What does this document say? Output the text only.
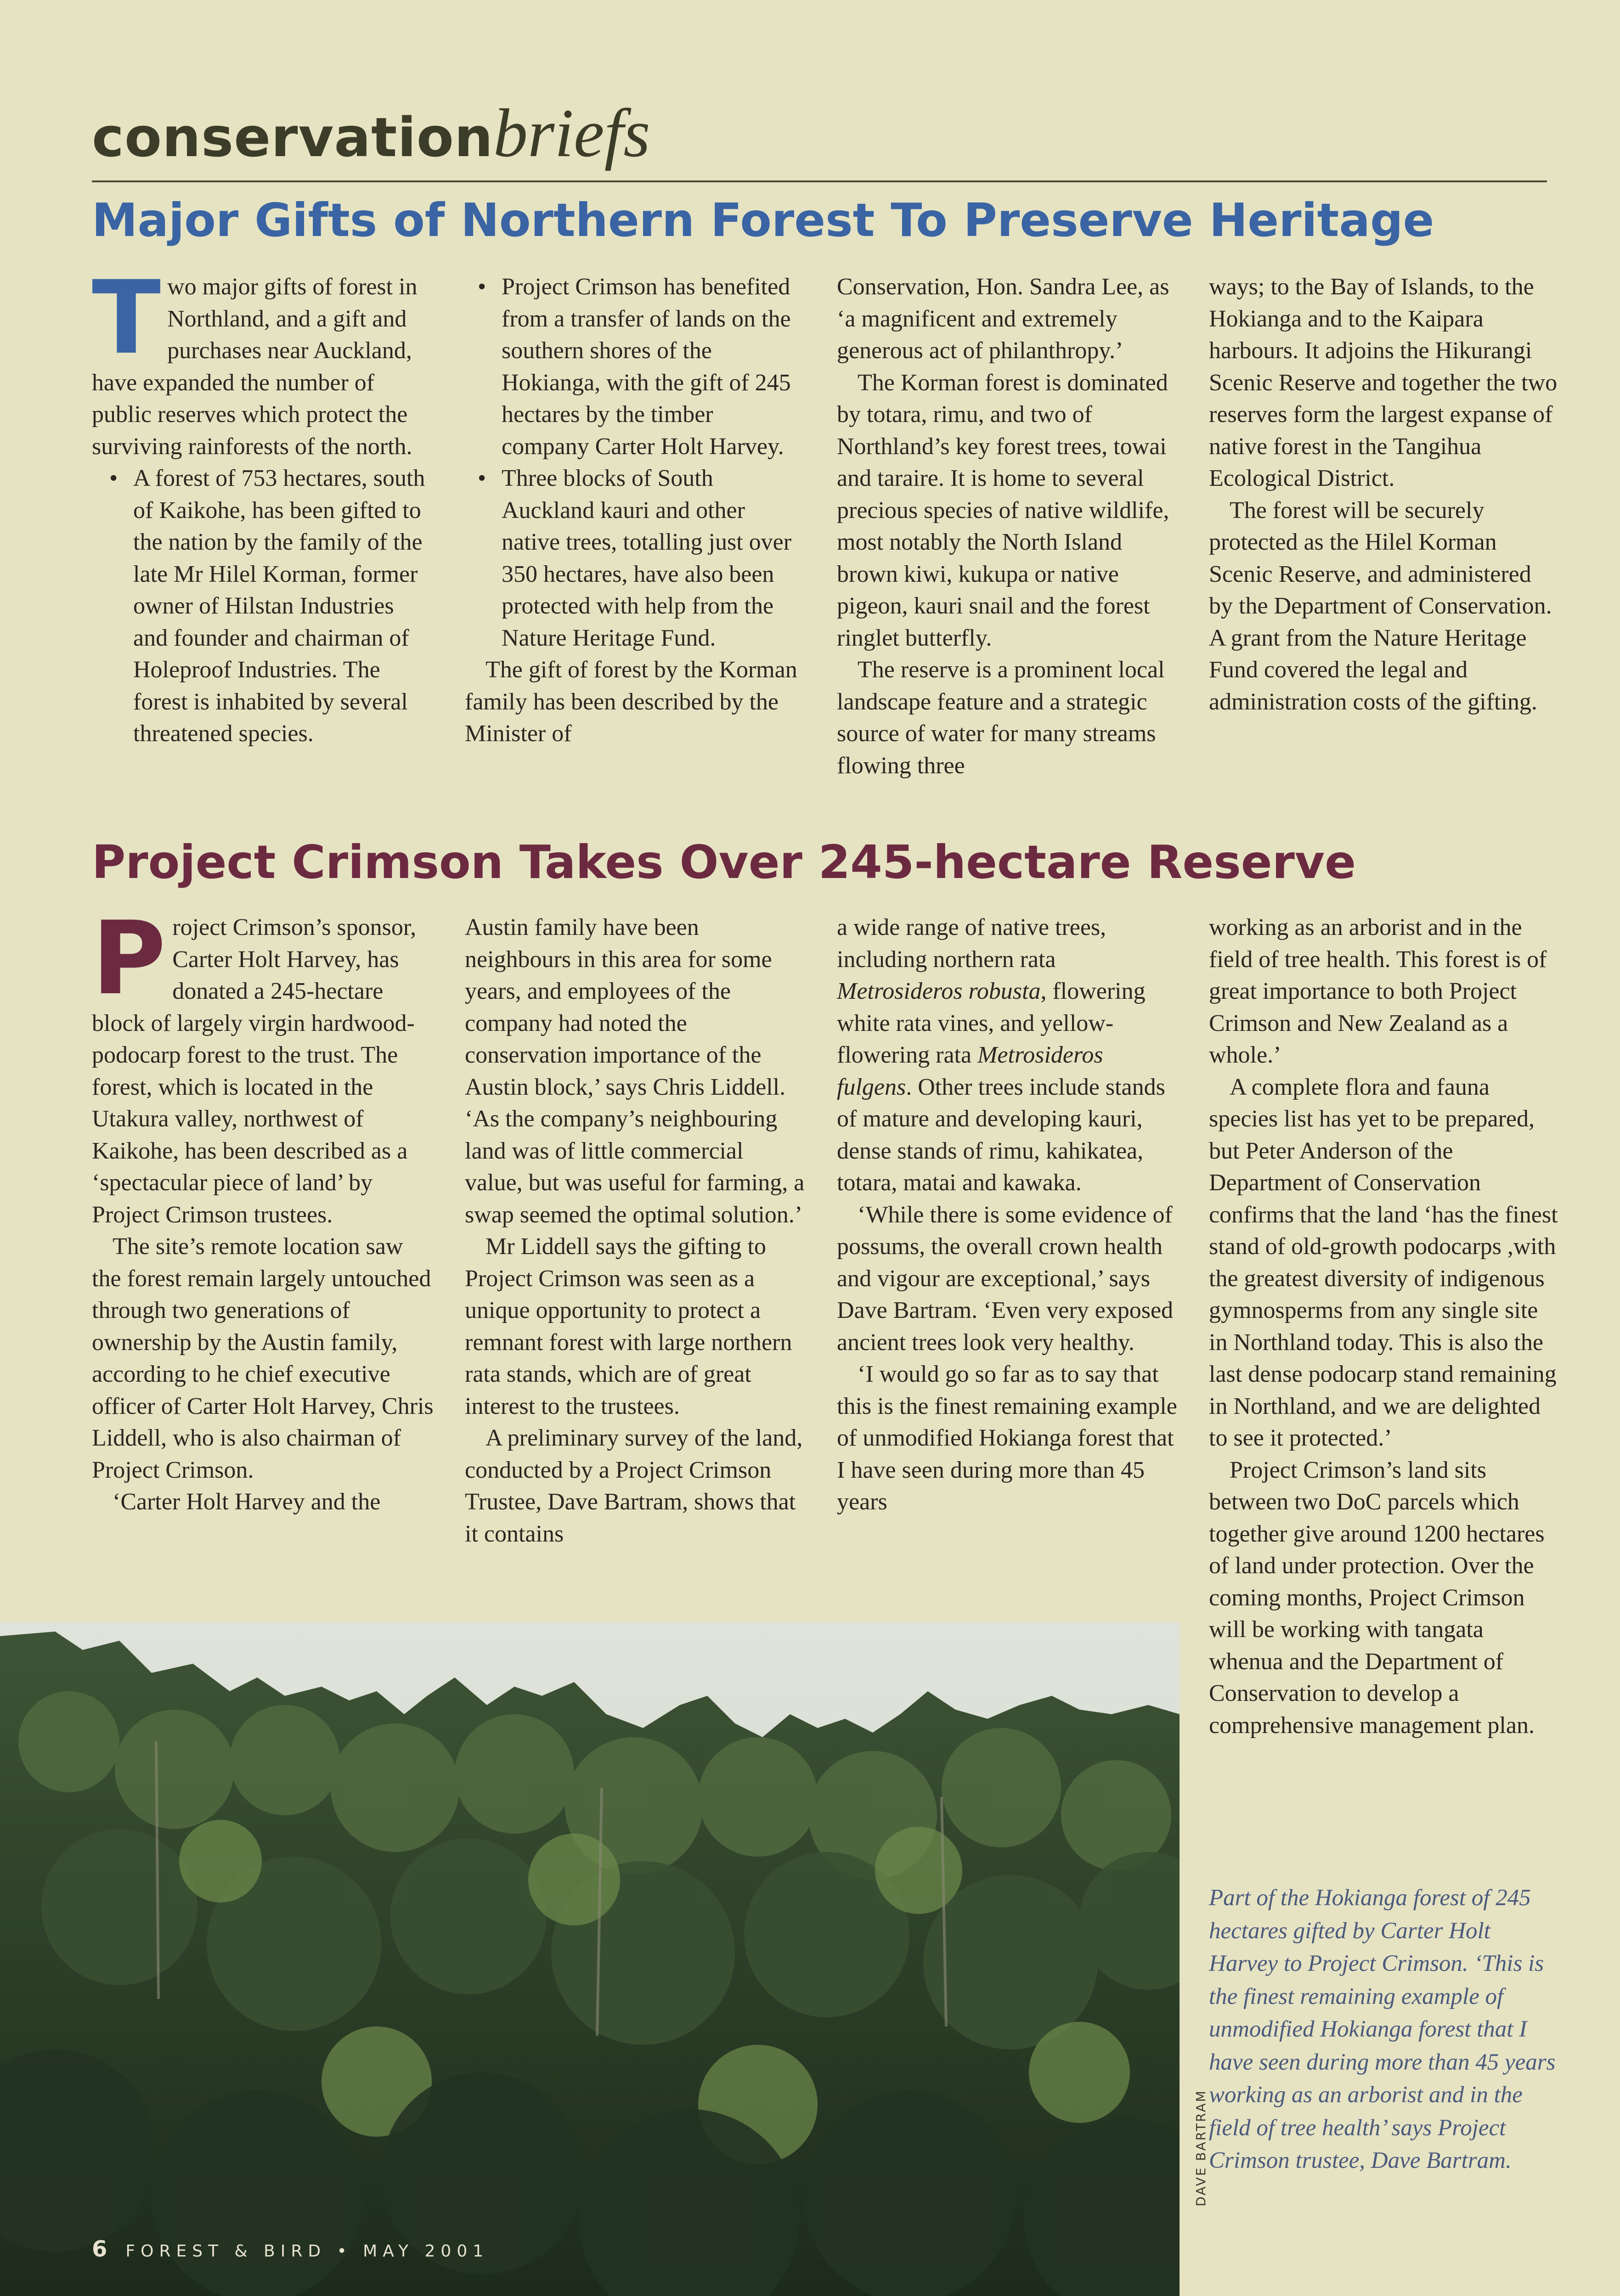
conservationbriefs
Major Gifts of Northern Forest To Preserve Heritage

Two major gifts of forest in Northland, and a gift and purchases near Auckland, have expanded the number of public reserves which protect the surviving rainforests of the north.

• A forest of 753 hectares, south of Kaikohe, has been gifted to the nation by the family of the late Mr Hilel Korman, former owner of Hilstan Industries and founder and chairman of Holeproof Industries. The forest is inhabited by several threatened species.
• Project Crimson has benefited from a transfer of lands on the southern shores of the Hokianga, with the gift of 245 hectares by the timber company Carter Holt Harvey.
• Three blocks of South Auckland kauri and other native trees, totalling just over 350 hectares, have also been protected with help from the Nature Heritage Fund.

The gift of forest by the Korman family has been described by the Minister of

Conservation, Hon. Sandra Lee, as ‘a magnificent and extremely generous act of philanthropy.’

The Korman forest is dominated by totara, rimu, and two of Northland’s key forest trees, towai and taraire. It is home to several precious species of native wildlife, most notably the North Island brown kiwi, kukupa or native pigeon, kauri snail and the forest ringlet butterfly.

The reserve is a prominent local landscape feature and a strategic source of water for many streams flowing three

ways; to the Bay of Islands, to the Hokianga and to the Kaipara harbours. It adjoins the Hikurangi Scenic Reserve and together the two reserves form the largest expanse of native forest in the Tangihua Ecological District.

The forest will be securely protected as the Hilel Korman Scenic Reserve, and administered by the Department of Conservation. A grant from the Nature Heritage Fund covered the legal and administration costs of the gifting.

Project Crimson Takes Over 245-hectare Reserve

Project Crimson’s sponsor, Carter Holt Harvey, has donated a 245-hectare block of largely virgin hardwood-podocarp forest to the trust. The forest, which is located in the Utakura valley, northwest of Kaikohe, has been described as a ‘spectacular piece of land’ by Project Crimson trustees.

The site’s remote location saw the forest remain largely untouched through two generations of ownership by the Austin family, according to he chief executive officer of Carter Holt Harvey, Chris Liddell, who is also chairman of Project Crimson.

‘Carter Holt Harvey and the

Austin family have been neighbours in this area for some years, and employees of the company had noted the conservation importance of the Austin block,’ says Chris Liddell. ‘As the company’s neighbouring land was of little commercial value, but was useful for farming, a swap seemed the optimal solution.’

Mr Liddell says the gifting to Project Crimson was seen as a unique opportunity to protect a remnant forest with large northern rata stands, which are of great interest to the trustees.

A preliminary survey of the land, conducted by a Project Crimson Trustee, Dave Bartram, shows that it contains

a wide range of native trees, including northern rata Metrosideros robusta, flowering white rata vines, and yellow-flowering rata Metrosideros fulgens. Other trees include stands of mature and developing kauri, dense stands of rimu, kahikatea, totara, matai and kawaka.

‘While there is some evidence of possums, the overall crown health and vigour are exceptional,’ says Dave Bartram. ‘Even very exposed ancient trees look very healthy.

‘I would go so far as to say that this is the finest remaining example of unmodified Hokianga forest that I have seen during more than 45 years

working as an arborist and in the field of tree health. This forest is of great importance to both Project Crimson and New Zealand as a whole.’

A complete flora and fauna species list has yet to be prepared, but Peter Anderson of the Department of Conservation confirms that the land ‘has the finest stand of old-growth podocarps ,with the greatest diversity of indigenous gymnosperms from any single site in Northland today. This is also the last dense podocarp stand remaining in Northland, and we are delighted to see it protected.’

Project Crimson’s land sits between two DoC parcels which together give around 1200 hectares of land under protection. Over the coming months, Project Crimson will be working with tangata whenua and the Department of Conservation to develop a comprehensive management plan.

DAVE BARTRAM
Part of the Hokianga forest of 245 hectares gifted by Carter Holt Harvey to Project Crimson. ‘This is the finest remaining example of unmodified Hokianga forest that I have seen during more than 45 years working as an arborist and in the field of tree health’ says Project Crimson trustee, Dave Bartram.
6 FOREST & BIRD • MAY 2001
